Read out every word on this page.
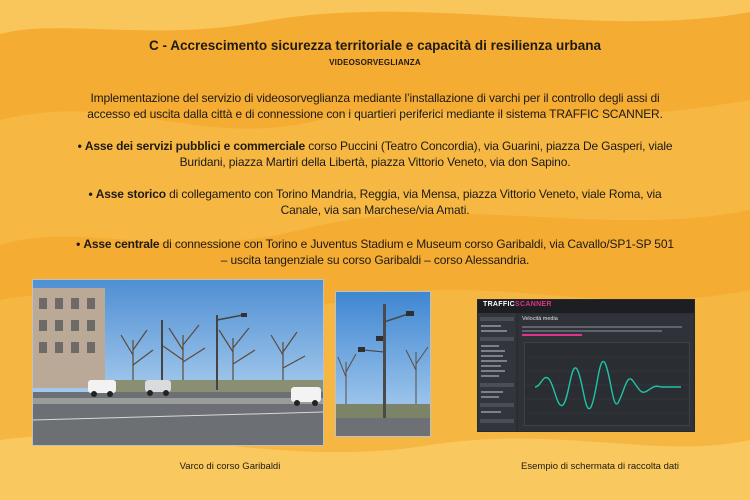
C - Accrescimento sicurezza territoriale e capacità di resilienza urbana
VIDEOSORVEGLIANZA
Implementazione del servizio di videosorveglianza mediante l’installazione di varchi per il controllo degli assi di
accesso ed uscita dalla città e di connessione con i quartieri periferici mediante il sistema TRAFFIC SCANNER.
• Asse dei servizi pubblici e commerciale corso Puccini (Teatro Concordia), via Guarini, piazza De Gasperi, viale
Buridani, piazza Martiri della Libertà, piazza Vittorio Veneto, via don Sapino.
• Asse storico di collegamento con Torino Mandria, Reggia, via Mensa, piazza Vittorio Veneto, viale Roma, via
Canale, via san Marchese/via Amati.
• Asse centrale di connessione con Torino e Juventus Stadium e Museum corso Garibaldi, via Cavallo/SP1-SP 501
– uscita tangenziale su corso Garibaldi – corso Alessandria.
TRAFFICSCANNER
Velocità media
Varco di corso Garibaldi	Esempio di schermata di raccolta dati
